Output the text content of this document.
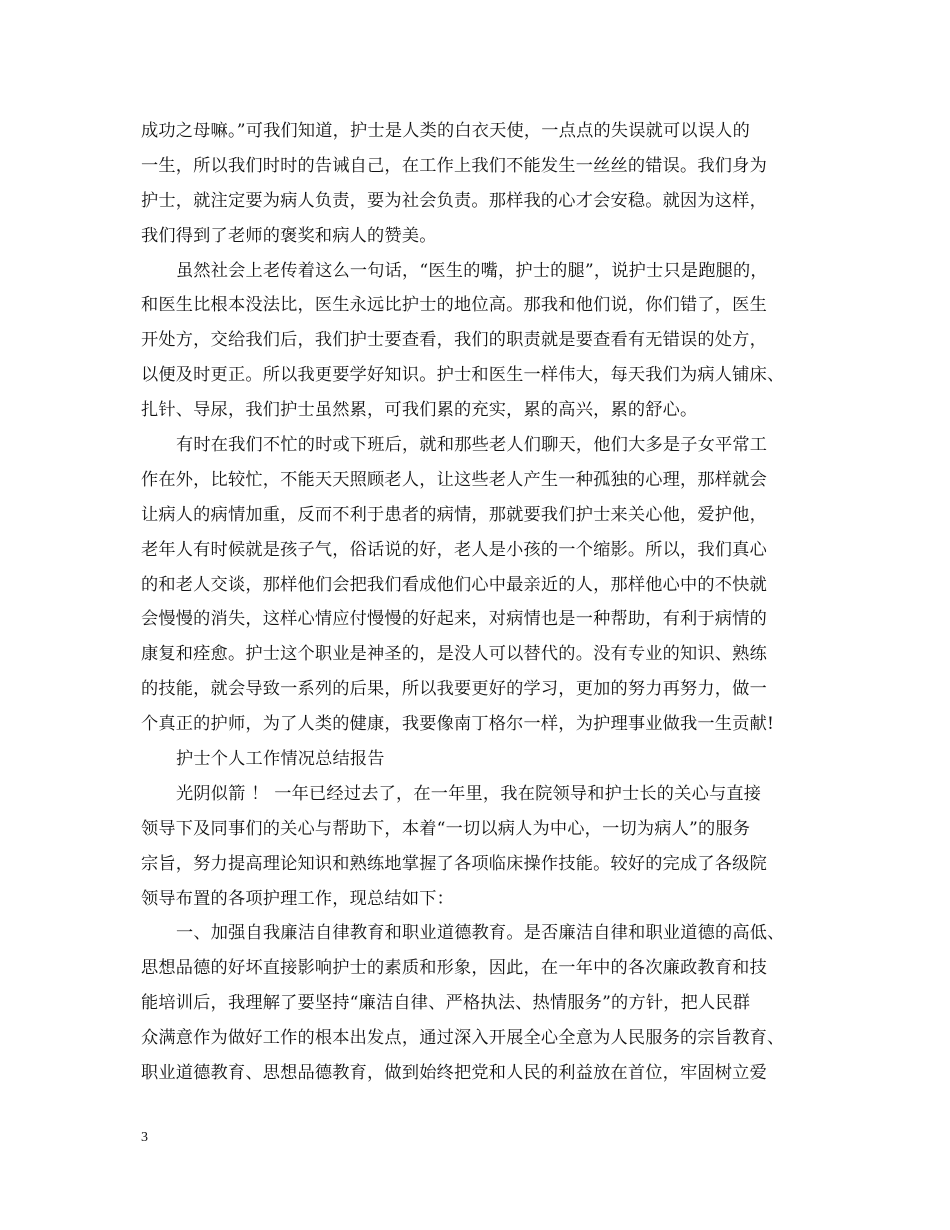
成功之母嘛。”可我们知道，护士是人类的白衣天使，一点点的失误就可以误人的
一生，所以我们时时的告诫自己，在工作上我们不能发生一丝丝的错误。我们身为
护士，就注定要为病人负责，要为社会负责。那样我的心才会安稳。就因为这样，
我们得到了老师的褒奖和病人的赞美。
虽然社会上老传着这么一句话，“医生的嘴，护士的腿”，说护士只是跑腿的，
和医生比根本没法比，医生永远比护士的地位高。那我和他们说，你们错了，医生
开处方，交给我们后，我们护士要查看，我们的职责就是要查看有无错误的处方，
以便及时更正。所以我更要学好知识。护士和医生一样伟大，每天我们为病人铺床、
扎针、导尿，我们护士虽然累，可我们累的充实，累的高兴，累的舒心。
有时在我们不忙的时或下班后，就和那些老人们聊天，他们大多是子女平常工
作在外，比较忙，不能天天照顾老人，让这些老人产生一种孤独的心理，那样就会
让病人的病情加重，反而不利于患者的病情，那就要我们护士来关心他，爱护他，
老年人有时候就是孩子气，俗话说的好，老人是小孩的一个缩影。所以，我们真心
的和老人交谈，那样他们会把我们看成他们心中最亲近的人，那样他心中的不快就
会慢慢的消失，这样心情应付慢慢的好起来，对病情也是一种帮助，有利于病情的
康复和痊愈。护士这个职业是神圣的，是没人可以替代的。没有专业的知识、熟练
的技能，就会导致一系列的后果，所以我要更好的学习，更加的努力再努力，做一
个真正的护师，为了人类的健康，我要像南丁格尔一样，为护理事业做我一生贡献!
护士个人工作情况总结报告
光阴似箭 ！ 一年已经过去了，在一年里，我在院领导和护士长的关心与直接
领导下及同事们的关心与帮助下，本着“一切以病人为中心，一切为病人”的服务
宗旨，努力提高理论知识和熟练地掌握了各项临床操作技能。较好的完成了各级院
领导布置的各项护理工作，现总结如下：
一、加强自我廉洁自律教育和职业道德教育。是否廉洁自律和职业道德的高低、
思想品德的好坏直接影响护士的素质和形象，因此，在一年中的各次廉政教育和技
能培训后，我理解了要坚持“廉洁自律、严格执法、热情服务”的方针，把人民群
众满意作为做好工作的根本出发点，通过深入开展全心全意为人民服务的宗旨教育、
职业道德教育、思想品德教育，做到始终把党和人民的利益放在首位，牢固树立爱
3
